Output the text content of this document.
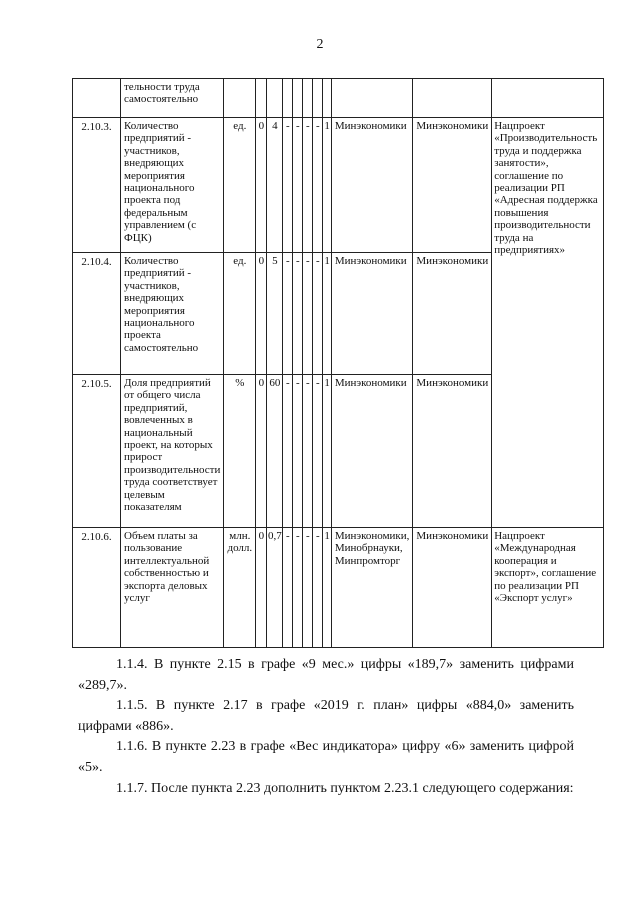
2
	тельности труда самостоятельно											
2.10.3.	Количество предприятий - участников, внедряющих мероприятия национального проекта под федеральным управлением (с ФЦК)	ед.	0	4	-	-	-	-	1	Минэкономики	Минэкономики	Нацпроект «Производительность труда и поддержка занятости», соглашение по реализации РП «Адресная поддержка повышения производительности труда на предприятиях»
2.10.4.	Количество предприятий - участников, внедряющих мероприятия национального проекта самостоятельно	ед.	0	5	-	-	-	-	1	Минэкономики	Минэкономики	
2.10.5.	Доля предприятий от общего числа предприятий, вовлеченных в национальный проект, на которых прирост производительности труда соответствует целевым показателям	%	0	60	-	-	-	-	1	Минэкономики	Минэкономики	
2.10.6.	Объем платы за пользование интеллектуальной собственностью и экспорта деловых услуг	млн. долл.	0	0,7	-	-	-	-	1	Минэкономики, Минобрнауки, Минпромторг	Минэкономики	Нацпроект «Международная кооперация и экспорт», соглашение по реализации РП «Экспорт услуг»

1.1.4. В пункте 2.15 в графе «9 мес.» цифры «189,7» заменить цифрами «289,7».

1.1.5. В пункте 2.17 в графе «2019 г. план» цифры «884,0» заменить цифрами «886».

1.1.6. В пункте 2.23 в графе «Вес индикатора» цифру «6» заменить цифрой «5».

1.1.7. После пункта 2.23 дополнить пунктом 2.23.1 следующего содержания:
